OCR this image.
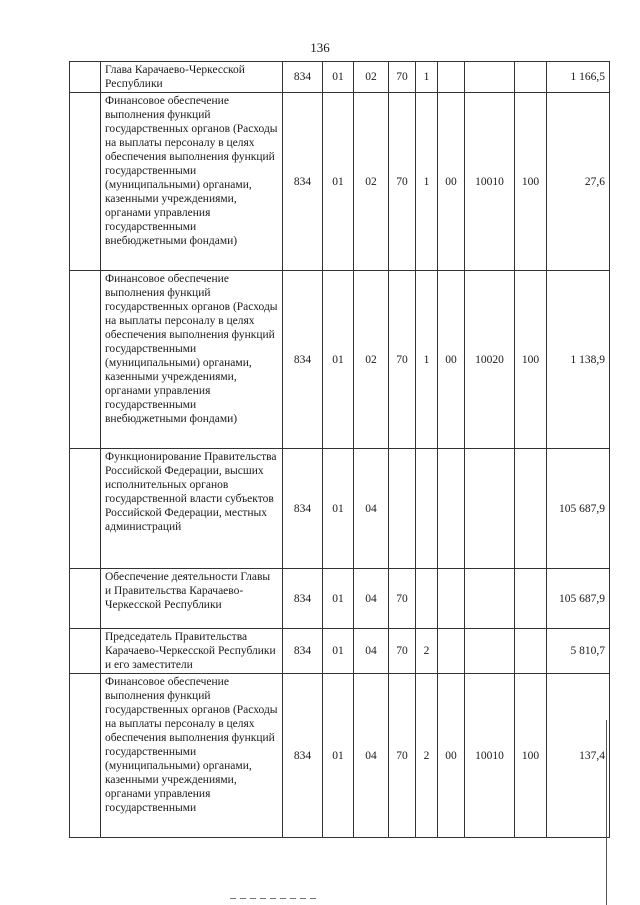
136
	Глава Карачаево-Черкесской Республики	834	01	02	70	1				1 166,5
	Финансовое обеспечение выполнения функций государственных органов (Расходы на выплаты персоналу в целях обеспечения выполнения функций государственными (муниципальными) органами, казенными учреждениями, органами управления государственными внебюджетными фондами)	834	01	02	70	1	00	10010	100	27,6
	Финансовое обеспечение выполнения функций государственных органов (Расходы на выплаты персоналу в целях обеспечения выполнения функций государственными (муниципальными) органами, казенными учреждениями, органами управления государственными внебюджетными фондами)	834	01	02	70	1	00	10020	100	1 138,9
	Функционирование Правительства Российской Федерации, высших исполнительных органов государственной власти субъектов Российской Федерации, местных администраций	834	01	04						105 687,9
	Обеспечение деятельности Главы и Правительства Карачаево-Черкесской Республики	834	01	04	70					105 687,9
	Председатель Правительства Карачаево-Черкесской Республики и его заместители	834	01	04	70	2				5 810,7
	Финансовое обеспечение выполнения функций государственных органов (Расходы на выплаты персоналу в целях обеспечения выполнения функций государственными (муниципальными) органами, казенными учреждениями, органами управления государственными	834	01	04	70	2	00	10010	100	137,4
